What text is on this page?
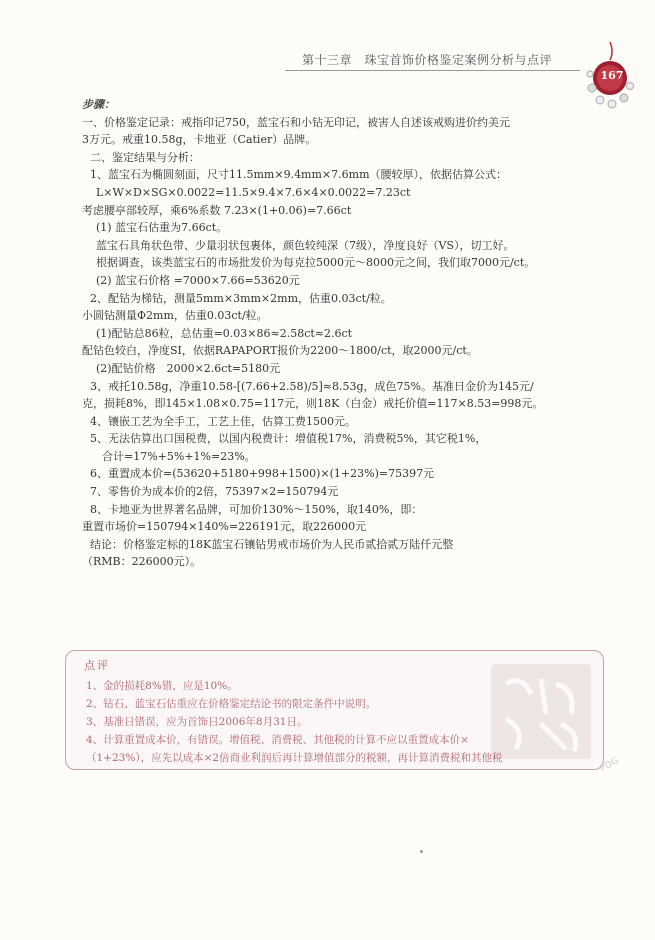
第十三章　珠宝首饰价格鉴定案例分析与点评
167
步骤：
一、价格鉴定记录：戒指印记750，蓝宝石和小钻无印记，被害人自述该戒购进价约美元
3万元。戒重10.58g，卡地亚（Catier）品牌。
二、鉴定结果与分析：
1、蓝宝石为椭圆刻面，尺寸11.5mm×9.4mm×7.6mm（腰较厚），依据估算公式：
L×W×D×SG×0.0022=11.5×9.4×7.6×4×0.0022=7.23ct
考虑腰亭部较厚，乘6%系数 7.23×(1+0.06)=7.66ct
(1) 蓝宝石估重为7.66ct。
蓝宝石具角状色带、少量羽状包裹体，颜色较纯深（7级），净度良好（VS），切工好。
根据调查，该类蓝宝石的市场批发价为每克拉5000元～8000元之间，我们取7000元/ct。
(2) 蓝宝石价格 =7000×7.66=53620元
2、配钻为梯钻，测量5mm×3mm×2mm，估重0.03ct/粒。
小圆钻测量Φ2mm，估重0.03ct/粒。
(1)配钻总86粒，总估重=0.03×86≈2.58ct≈2.6ct
配钻色较白，净度SI，依据RAPAPORT报价为2200～1800/ct，取2000元/ct。
(2)配钻价格　2000×2.6ct=5180元
3、戒托10.58g，净重10.58-[(7.66+2.58)/5]≈8.53g，成色75%。基准日金价为145元/
克，损耗8%，即145×1.08×0.75=117元，则18K（白金）戒托价值=117×8.53=998元。
4、镶嵌工艺为全手工，工艺上佳，估算工费1500元。
5、无法估算出口国税费，以国内税费计：增值税17%，消费税5%，其它税1%，
合计=17%+5%+1%=23%。
6、重置成本价=(53620+5180+998+1500)×(1+23%)=75397元
7、零售价为成本价的2倍，75397×2=150794元
8、卡地亚为世界著名品牌，可加价130%～150%，取140%，即：
重置市场价=150794×140%=226191元，取226000元
结论：价格鉴定标的18K蓝宝石镶钻男戒市场价为人民币贰拾贰万陆仟元整
（RMB：226000元）。
点评
1、金的损耗8%错，应是10%。
2、钻石、蓝宝石估重应在价格鉴定结论书的限定条件中说明。
3、基准日错误，应为首饰日2006年8月31日。
4、计算重置成本价，有错误。增值税、消费税、其他税的计算不应以重置成本价×
（1+23%），应先以成本×2倍商业利润后再计算增值部分的税额，再计算消费税和其他税	PDG
